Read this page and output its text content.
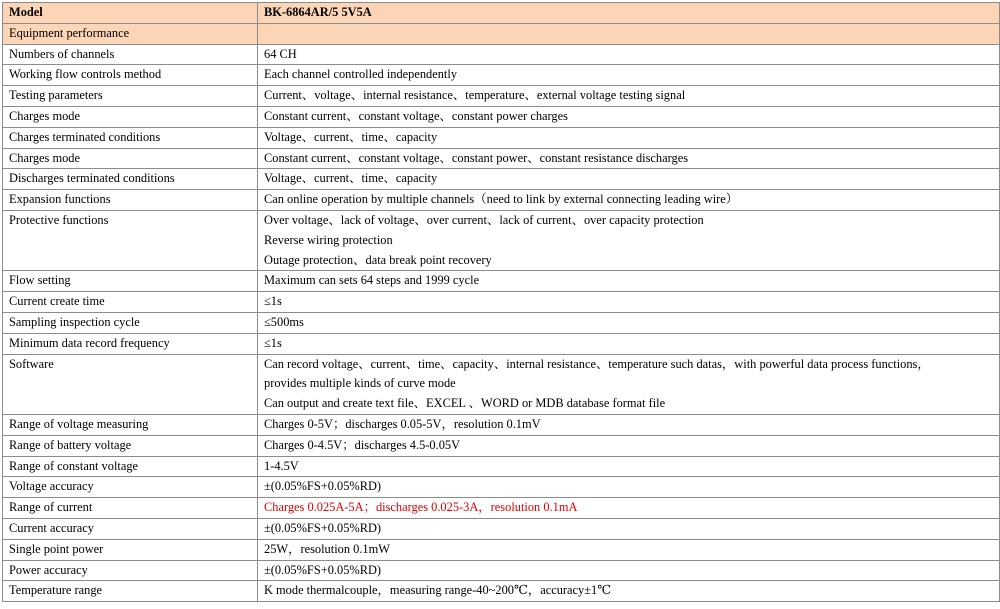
Model	BK-6864AR/5 5V5A
Equipment performance	
Numbers of channels	64 CH

Working flow controls method	Each channel controlled independently

Testing parameters	Current、voltage、internal resistance、temperature、external voltage testing signal

Charges mode	Constant current、constant voltage、constant power charges

Charges terminated conditions	Voltage、current、time、capacity

Charges mode	Constant current、constant voltage、constant power、constant resistance discharges

Discharges terminated conditions	Voltage、current、time、capacity

Expansion functions	Can online operation by multiple channels（need to link by external connecting leading wire）

Protective functions	Over voltage、lack of voltage、over current、lack of current、over capacity protection
Reverse wiring protection
Outage protection、data break point recovery

Flow setting	Maximum can sets 64 steps and 1999 cycle

Current create time	≤1s

Sampling inspection cycle	≤500ms

Minimum data record frequency	≤1s

Software	Can record voltage、current、time、capacity、internal resistance、temperature such datas，with powerful data process functions，
provides multiple kinds of curve mode
Can output and create text file、EXCEL 、WORD or MDB database format file

Range of voltage measuring	Charges 0-5V；discharges 0.05-5V，resolution 0.1mV

Range of battery voltage	Charges 0-4.5V；discharges 4.5-0.05V

Range of constant voltage	1-4.5V

Voltage accuracy	±(0.05%FS+0.05%RD)

Range of current	Charges 0.025A-5A；discharges 0.025-3A，resolution 0.1mA

Current accuracy	±(0.05%FS+0.05%RD)

Single point power	25W，resolution 0.1mW

Power accuracy	±(0.05%FS+0.05%RD)

Temperature range	K mode thermalcouple，measuring range-40~200℃，accuracy±1℃
